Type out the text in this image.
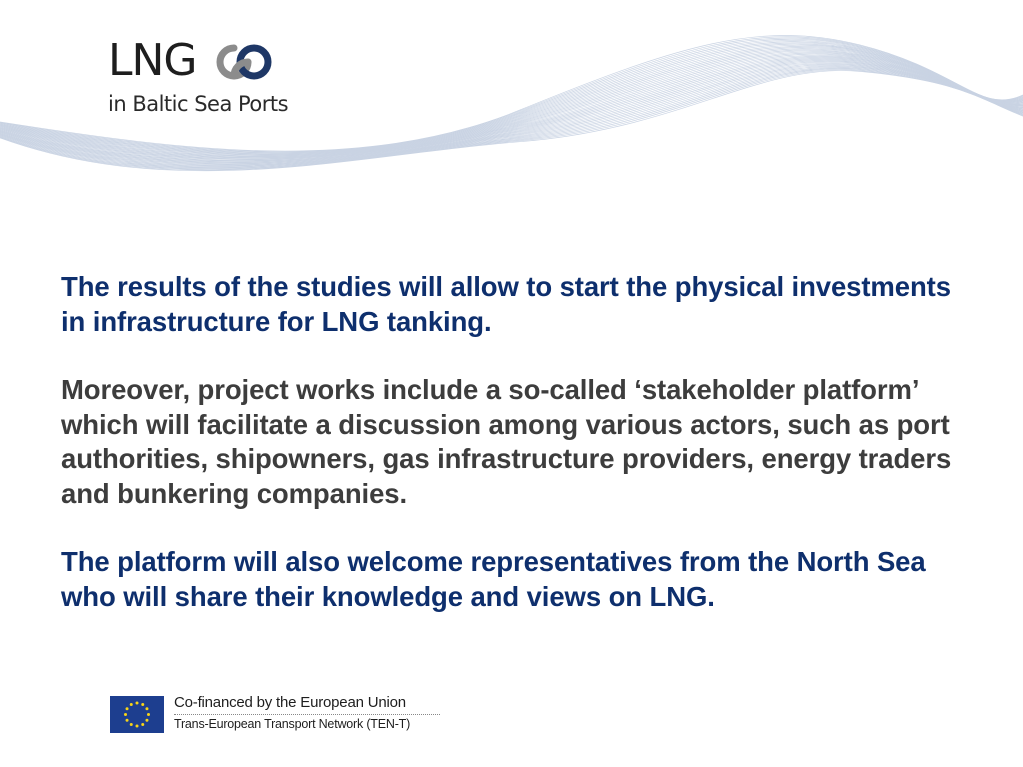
LNG
in Baltic Sea Ports

The results of the studies will allow to start the physical investments in infrastructure for LNG tanking.

Moreover, project works include a so-called ‘stakeholder platform’ which will facilitate a discussion among various actors, such as port authorities, shipowners, gas infrastructure providers, energy traders and bunkering companies.

The platform will also welcome representatives from the North Sea who will share their knowledge and views on LNG.

Co-financed by the European Union
Trans-European Transport Network (TEN-T)
